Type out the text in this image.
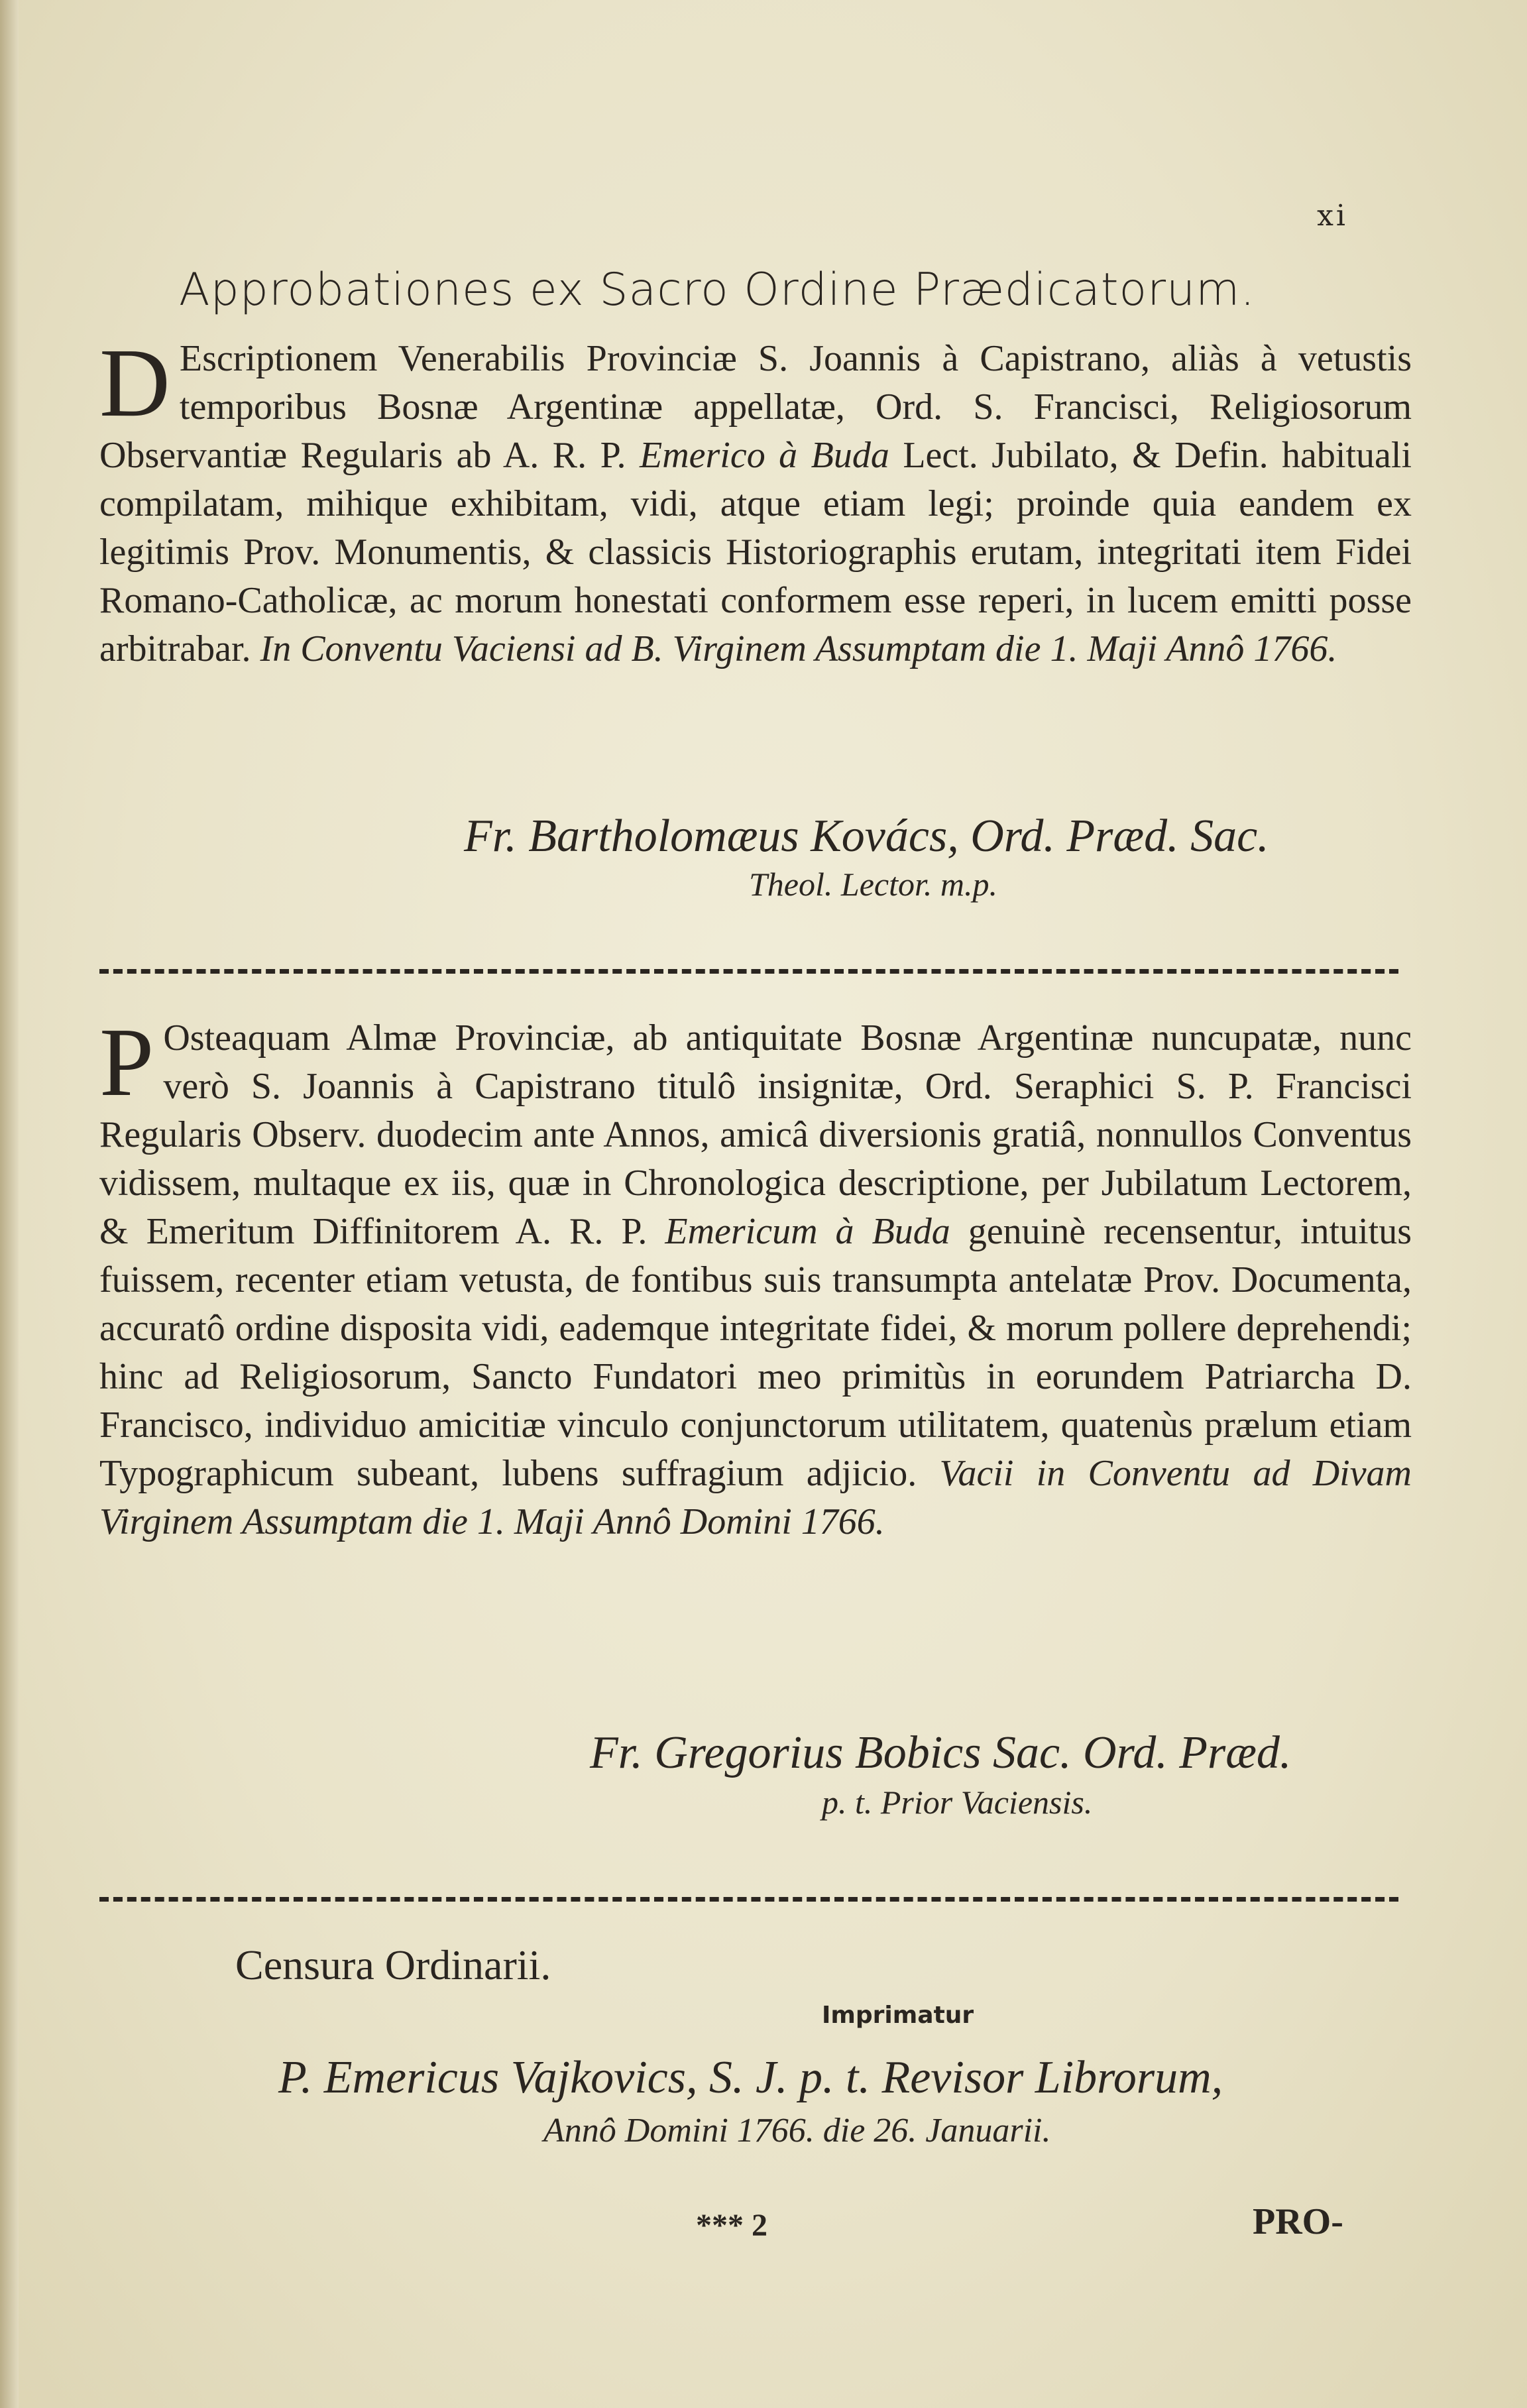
xi
Approbationes ex Sacro Ordine Prædicatorum.

D Escriptionem Venerabilis Provinciæ S. Joannis à Capistrano, aliàs à vetustis temporibus Bosnæ Argentinæ appellatæ, Ord. S. Francisci, Religiosorum Observantiæ Regularis ab A. R. P. Emerico à Buda Lect. Jubilato, & Defin. habituali compilatam, mihique exhibitam, vidi, atque etiam legi; proinde quia eandem ex legitimis Prov. Monumentis, & classicis Historiographis erutam, integritati item Fidei Romano-Catholicæ, ac morum honestati conformem esse reperi, in lucem emitti posse arbitrabar. In Conventu Vaciensi ad B. Virginem Assumptam die 1. Maji Annô 1766.

Fr. Bartholomæus Kovács, Ord. Præd. Sac.
Theol. Lector. m.p.

P Osteaquam Almæ Provinciæ, ab antiquitate Bosnæ Argentinæ nuncupatæ, nunc verò S. Joannis à Capistrano titulô insignitæ, Ord. Seraphici S. P. Francisci Regularis Observ. duodecim ante Annos, amicâ diversionis gratiâ, nonnullos Conventus vidissem, multaque ex iis, quæ in Chronologica descriptione, per Jubilatum Lectorem, & Emeritum Diffinitorem A. R. P. Emericum à Buda genuinè recensentur, intuitus fuissem, recenter etiam vetusta, de fontibus suis transumpta antelatæ Prov. Documenta, accuratô ordine disposita vidi, eademque integritate fidei, & morum pollere deprehendi; hinc ad Religiosorum, Sancto Fundatori meo primitùs in eorundem Patriarcha D. Francisco, individuo amicitiæ vinculo conjunctorum utilitatem, quatenùs prælum etiam Typographicum subeant, lubens suffragium adjicio. Vacii in Conventu ad Divam Virginem Assumptam die 1. Maji Annô Domini 1766.

Fr. Gregorius Bobics Sac. Ord. Præd.
p. t. Prior Vaciensis.
Censura Ordinarii.
Imprimatur
P. Emericus Vajkovics, S. J. p. t. Revisor Librorum,
Annô Domini 1766. die 26. Januarii.
*** 2	PRO-
